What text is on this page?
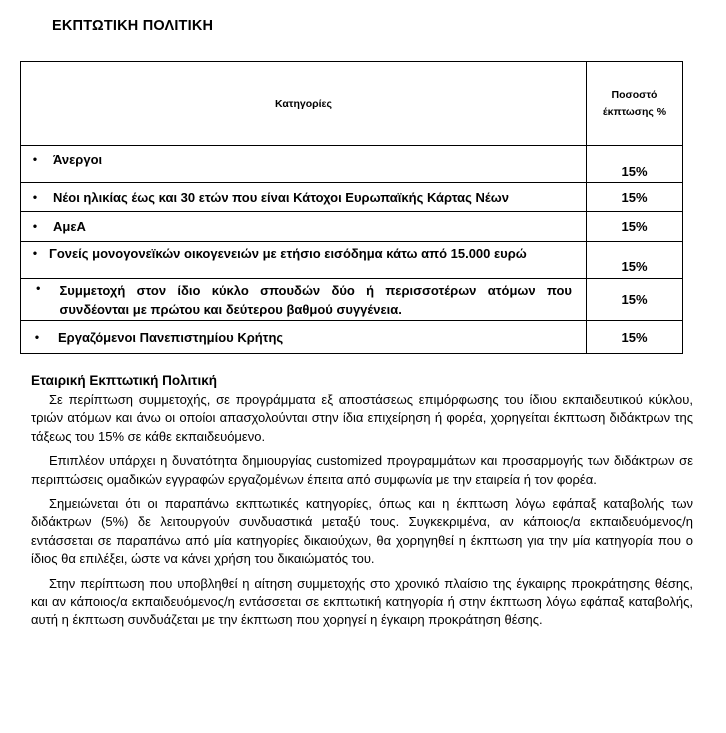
ΕΚΠΤΩΤΙΚΗ ΠΟΛΙΤΙΚΗ
Κατηγορίες	Ποσοστό
έκπτωσης %

• Άνεργοι	15%

• Νέοι ηλικίας έως και 30 ετών που είναι Κάτοχοι Ευρωπαϊκής Κάρτας Νέων	15%

• ΑμεΑ	15%

• Γονείς μονογονεϊκών οικογενειών με ετήσιο εισόδημα κάτω από 15.000 ευρώ	15%

• Συμμετοχή στον ίδιο κύκλο σπουδών δύο ή περισσοτέρων ατόμων που συνδέονται με πρώτου και δεύτερου βαθμού συγγένεια.	15%

• Εργαζόμενοι Πανεπιστημίου Κρήτης	15%
Εταιρική Εκπτωτική Πολιτική

Σε περίπτωση συμμετοχής, σε προγράμματα εξ αποστάσεως επιμόρφωσης του ίδιου εκπαιδευτικού κύκλου, τριών ατόμων και άνω οι οποίοι απασχολούνται στην ίδια επιχείρηση ή φορέα, χορηγείται έκπτωση διδάκτρων της τάξεως του 15% σε κάθε εκπαιδευόμενο.

Επιπλέον υπάρχει η δυνατότητα δημιουργίας customized προγραμμάτων και προσαρμογής των διδάκτρων σε περιπτώσεις ομαδικών εγγραφών εργαζομένων έπειτα από συμφωνία με την εταιρεία ή τον φορέα.

Σημειώνεται ότι οι παραπάνω εκπτωτικές κατηγορίες, όπως και η έκπτωση λόγω εφάπαξ καταβολής των διδάκτρων (5%) δε λειτουργούν συνδυαστικά μεταξύ τους. Συγκεκριμένα, αν κάποιος/α εκπαιδευόμενος/η εντάσσεται σε παραπάνω από μία κατηγορίες δικαιούχων, θα χορηγηθεί η έκπτωση για την μία κατηγορία που ο ίδιος θα επιλέξει, ώστε να κάνει χρήση του δικαιώματός του.

Στην περίπτωση που υποβληθεί η αίτηση συμμετοχής στο χρονικό πλαίσιο της έγκαιρης προκράτησης θέσης, και αν κάποιος/α εκπαιδευόμενος/η εντάσσεται σε εκπτωτική κατηγορία ή στην έκπτωση λόγω εφάπαξ καταβολής, αυτή η έκπτωση συνδυάζεται με την έκπτωση που χορηγεί η έγκαιρη προκράτηση θέσης.
